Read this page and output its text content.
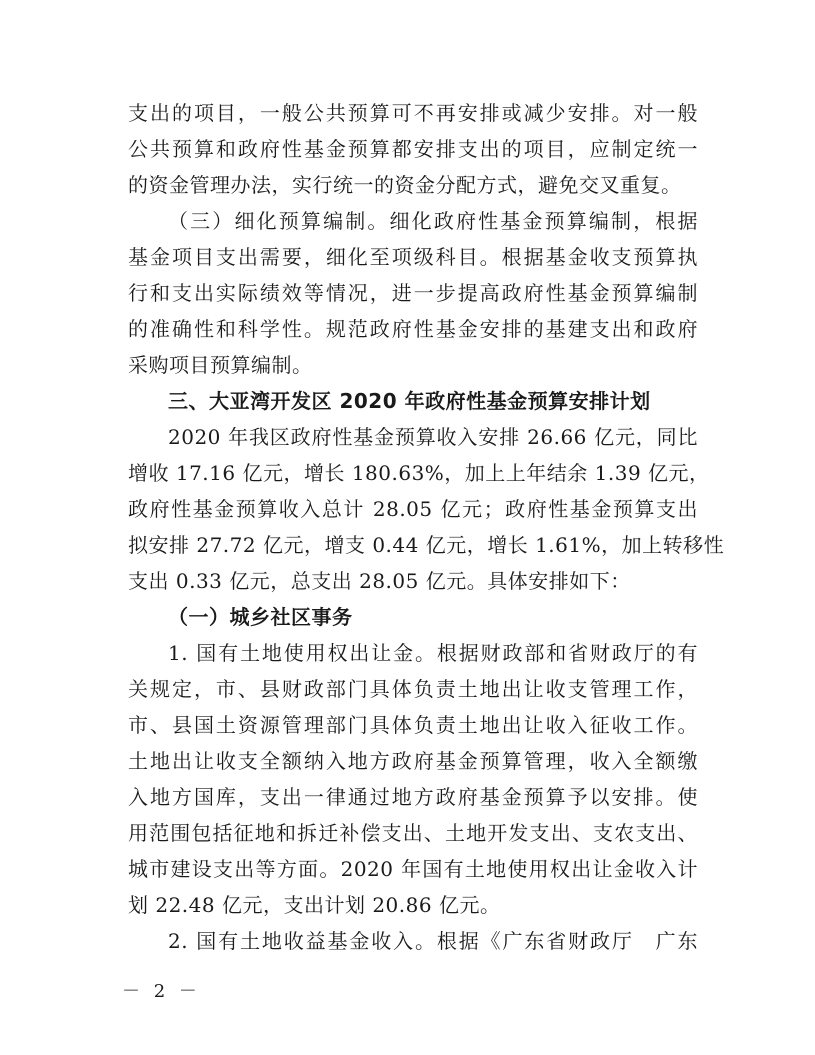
支出的项目，一般公共预算可不再安排或减少安排。对一般
公共预算和政府性基金预算都安排支出的项目，应制定统一
的资金管理办法，实行统一的资金分配方式，避免交叉重复。
（三）细化预算编制。细化政府性基金预算编制，根据
基金项目支出需要，细化至项级科目。根据基金收支预算执
行和支出实际绩效等情况，进一步提高政府性基金预算编制
的准确性和科学性。规范政府性基金安排的基建支出和政府
采购项目预算编制。
三、大亚湾开发区 2020 年政府性基金预算安排计划
2020 年我区政府性基金预算收入安排 26.66 亿元，同比
增收 17.16 亿元，增长 180.63%，加上上年结余 1.39 亿元，
政府性基金预算收入总计 28.05 亿元；政府性基金预算支出
拟安排 27.72 亿元，增支 0.44 亿元，增长 1.61%，加上转移性
支出 0.33 亿元，总支出 28.05 亿元。具体安排如下：
（一）城乡社区事务
1. 国有土地使用权出让金。根据财政部和省财政厅的有
关规定，市、县财政部门具体负责土地出让收支管理工作，
市、县国土资源管理部门具体负责土地出让收入征收工作。
土地出让收支全额纳入地方政府基金预算管理，收入全额缴
入地方国库，支出一律通过地方政府基金预算予以安排。使
用范围包括征地和拆迁补偿支出、土地开发支出、支农支出、
城市建设支出等方面。2020 年国有土地使用权出让金收入计
划 22.48 亿元，支出计划 20.86 亿元。
2. 国有土地收益基金收入。根据《广东省财政厅　广东
－ 2 －
